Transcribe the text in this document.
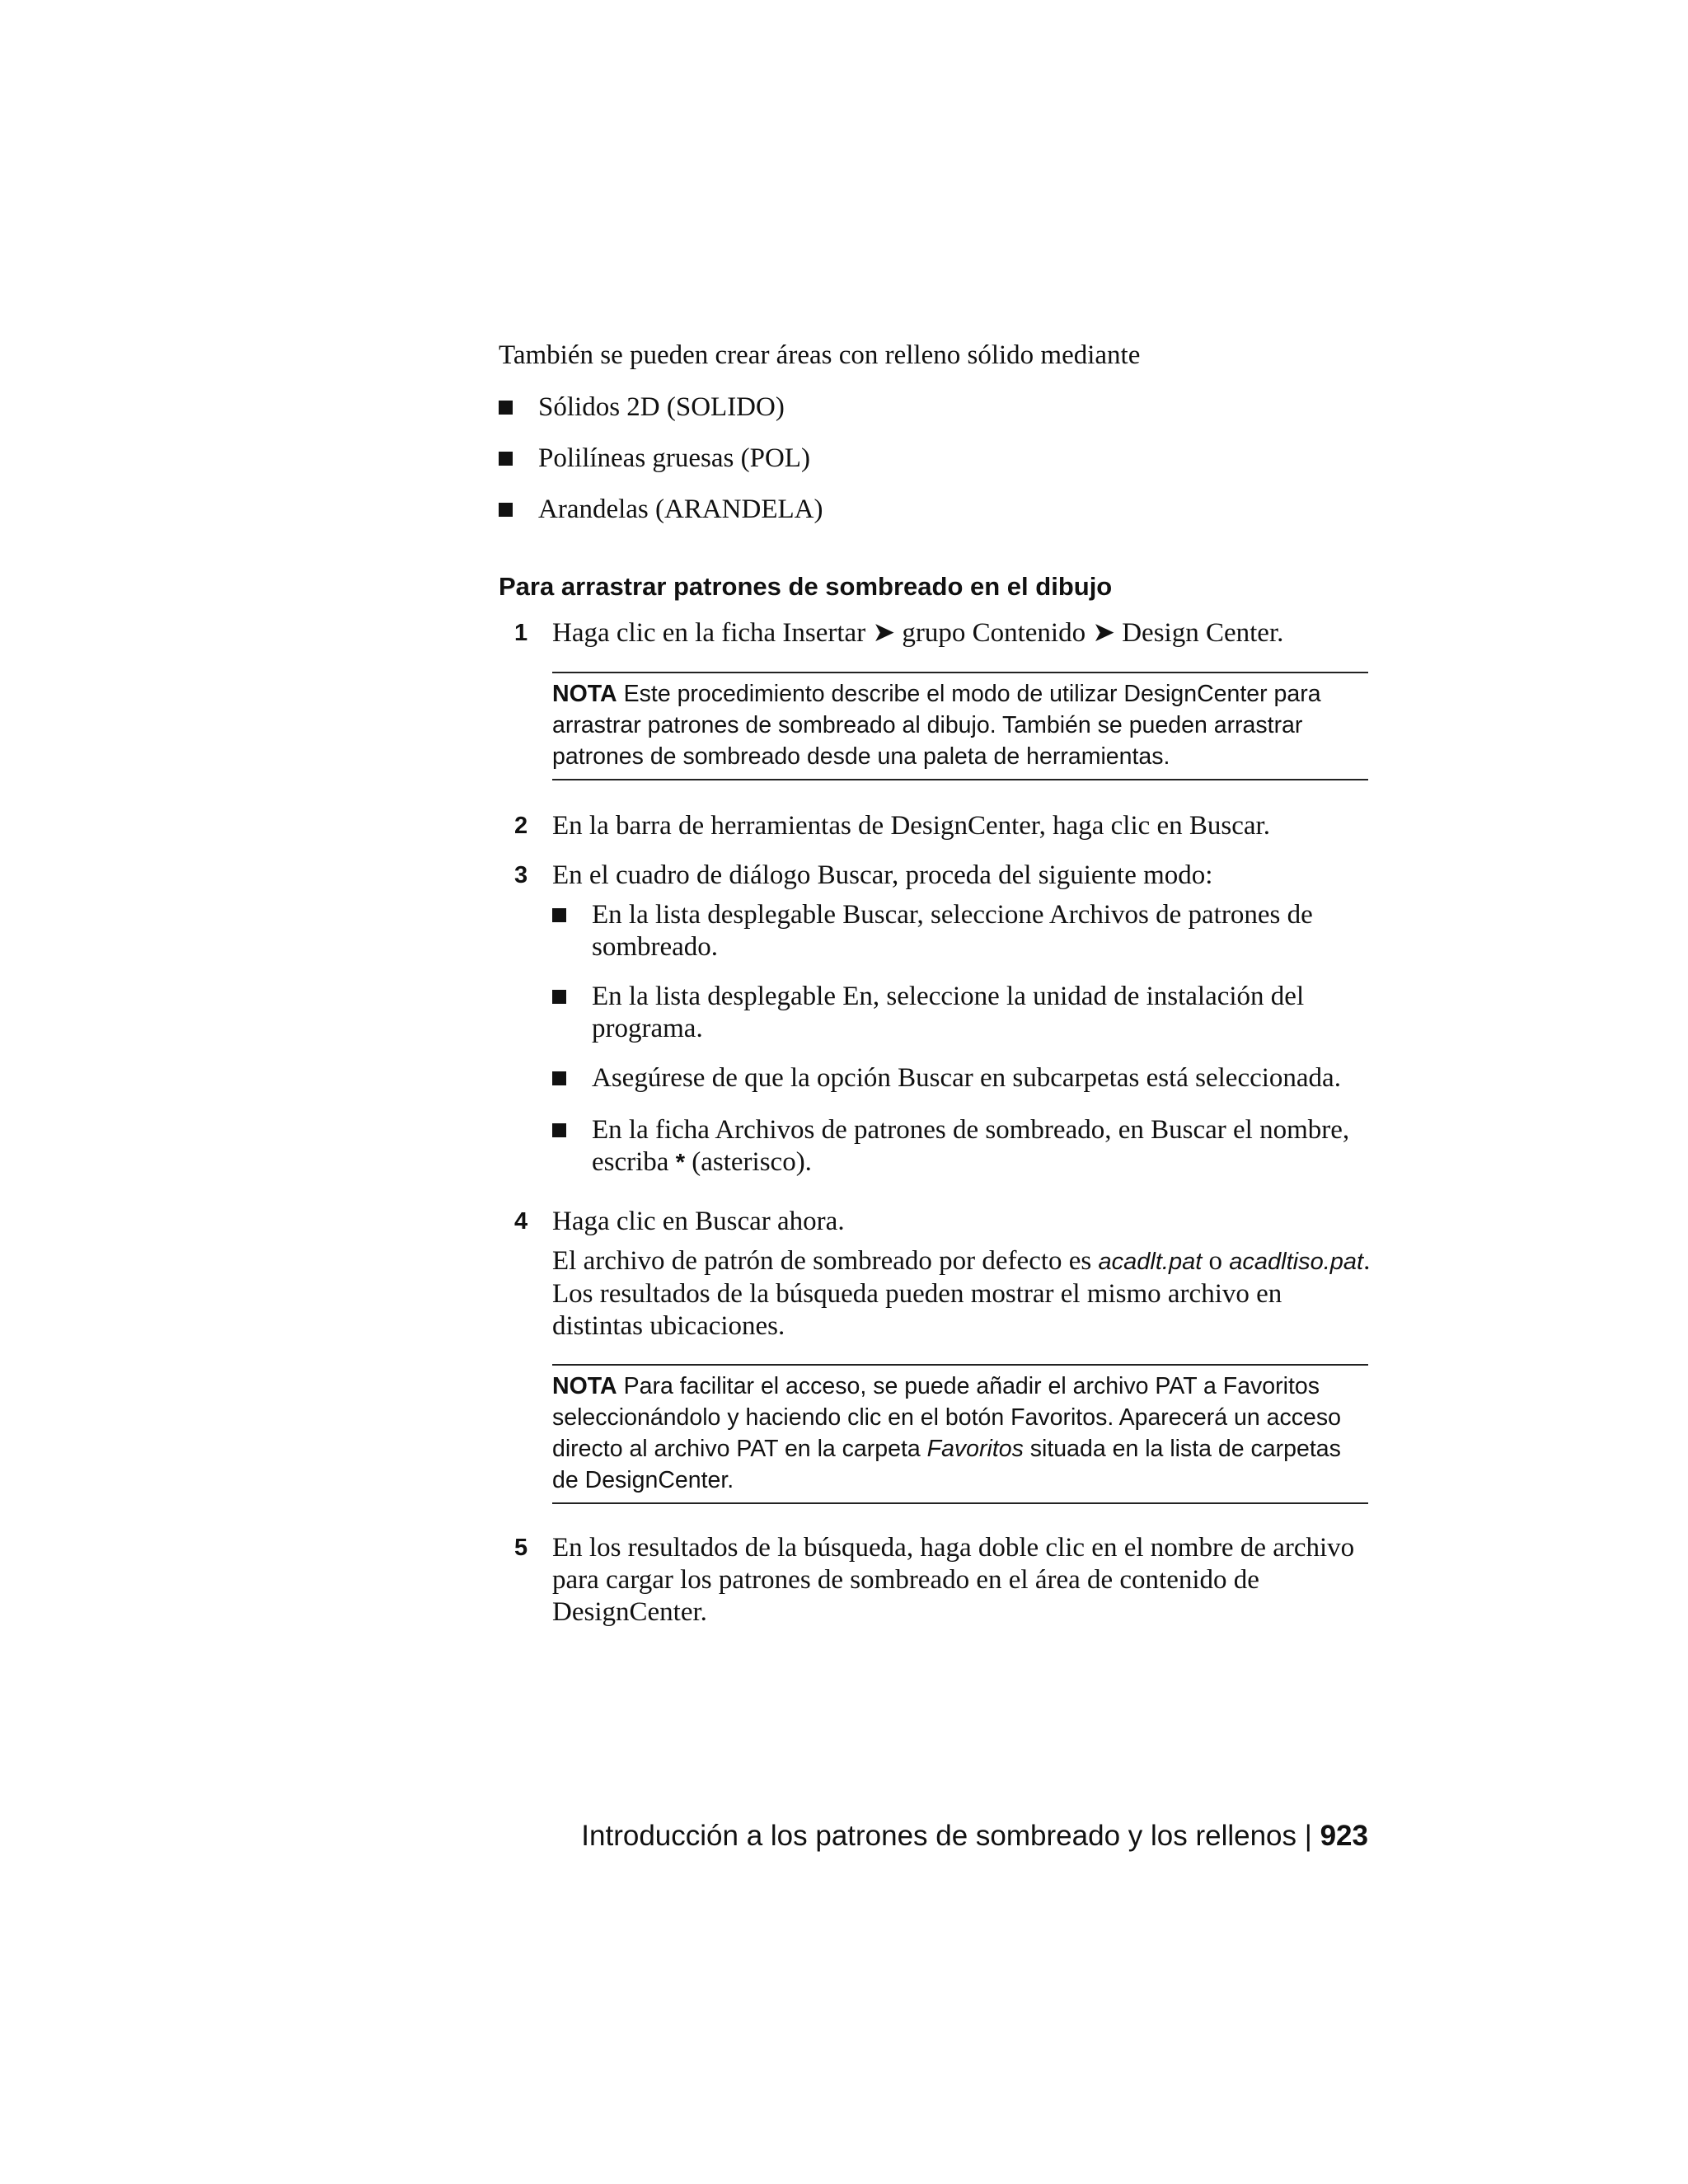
También se pueden crear áreas con relleno sólido mediante
Sólidos 2D (SOLIDO)
Polilíneas gruesas (POL)
Arandelas (ARANDELA)
Para arrastrar patrones de sombreado en el dibujo
1 Haga clic en la ficha Insertar ➤ grupo Contenido ➤ Design Center.
NOTA Este procedimiento describe el modo de utilizar DesignCenter para arrastrar patrones de sombreado al dibujo. También se pueden arrastrar patrones de sombreado desde una paleta de herramientas.
2 En la barra de herramientas de DesignCenter, haga clic en Buscar.
3 En el cuadro de diálogo Buscar, proceda del siguiente modo:
En la lista desplegable Buscar, seleccione Archivos de patrones de sombreado.
En la lista desplegable En, seleccione la unidad de instalación del programa.
Asegúrese de que la opción Buscar en subcarpetas está seleccionada.
En la ficha Archivos de patrones de sombreado, en Buscar el nombre, escriba * (asterisco).
4 Haga clic en Buscar ahora.
El archivo de patrón de sombreado por defecto es acadlt.pat o acadltiso.pat. Los resultados de la búsqueda pueden mostrar el mismo archivo en distintas ubicaciones.
NOTA Para facilitar el acceso, se puede añadir el archivo PAT a Favoritos seleccionándolo y haciendo clic en el botón Favoritos. Aparecerá un acceso directo al archivo PAT en la carpeta Favoritos situada en la lista de carpetas de DesignCenter.
5 En los resultados de la búsqueda, haga doble clic en el nombre de archivo para cargar los patrones de sombreado en el área de contenido de DesignCenter.
Introducción a los patrones de sombreado y los rellenos | 923
